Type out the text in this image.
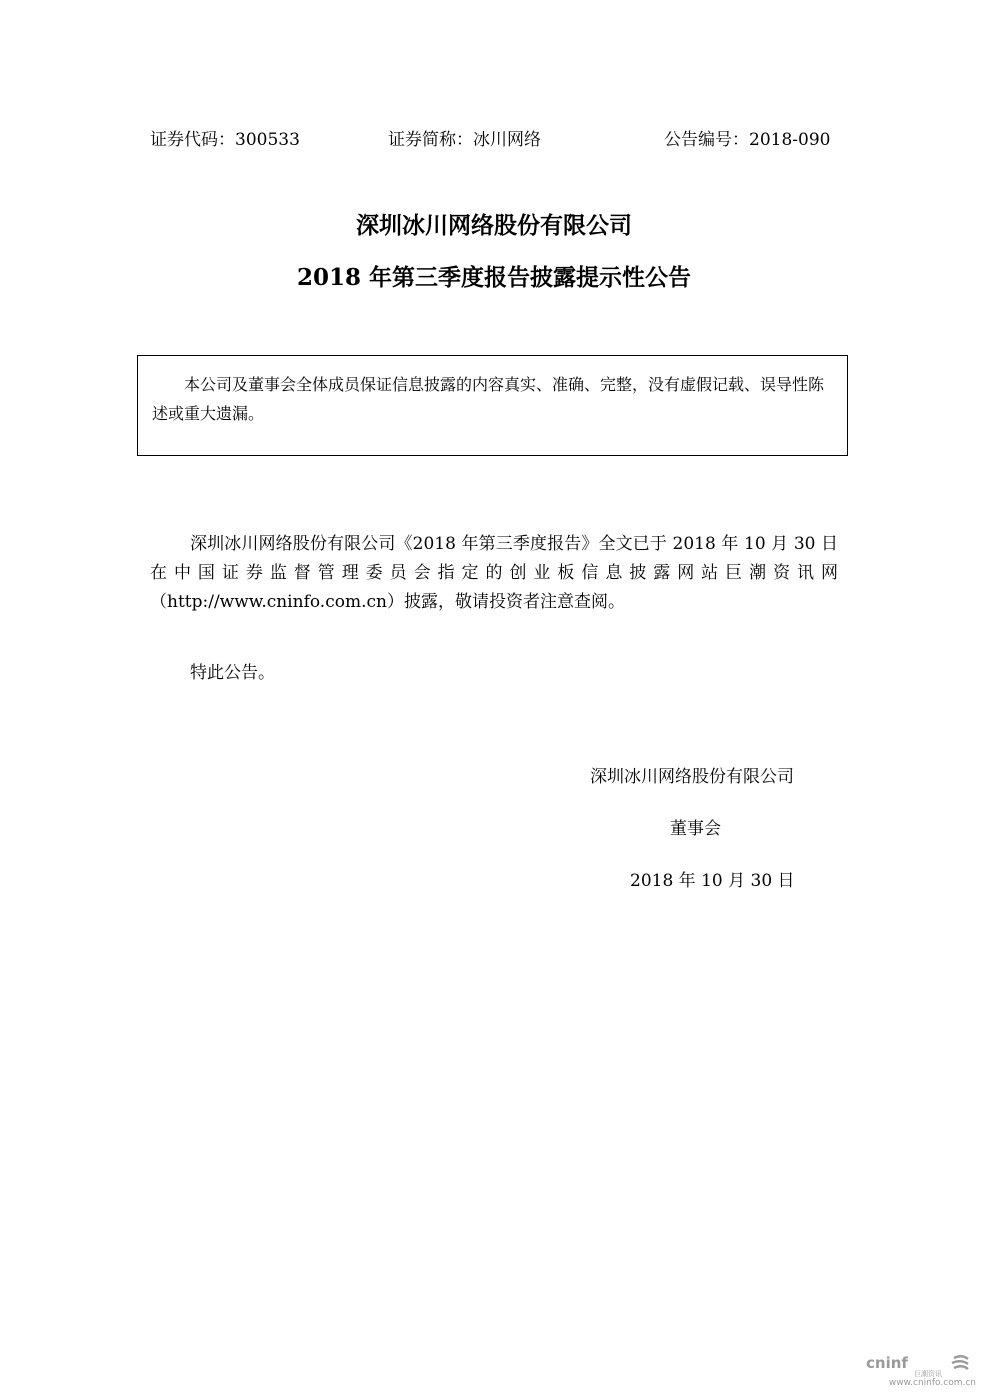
证券代码：300533	证券简称：冰川网络	公告编号：2018-090
深圳冰川网络股份有限公司
2018 年第三季度报告披露提示性公告

本公司及董事会全体成员保证信息披露的内容真实、准确、完整，没有虚假记载、误导性陈述或重大遗漏。

深圳冰川网络股份有限公司《2018 年第三季度报告》全文已于 2018 年 10 月 30 日在中国证券监督管理委员会指定的创业板信息披露网站巨潮资讯网（http://www.cninfo.com.cn）披露，敬请投资者注意查阅。

特此公告。

深圳冰川网络股份有限公司
董事会
2018 年 10 月 30 日
cninf
巨潮资讯
www.cninfo.com.cn
